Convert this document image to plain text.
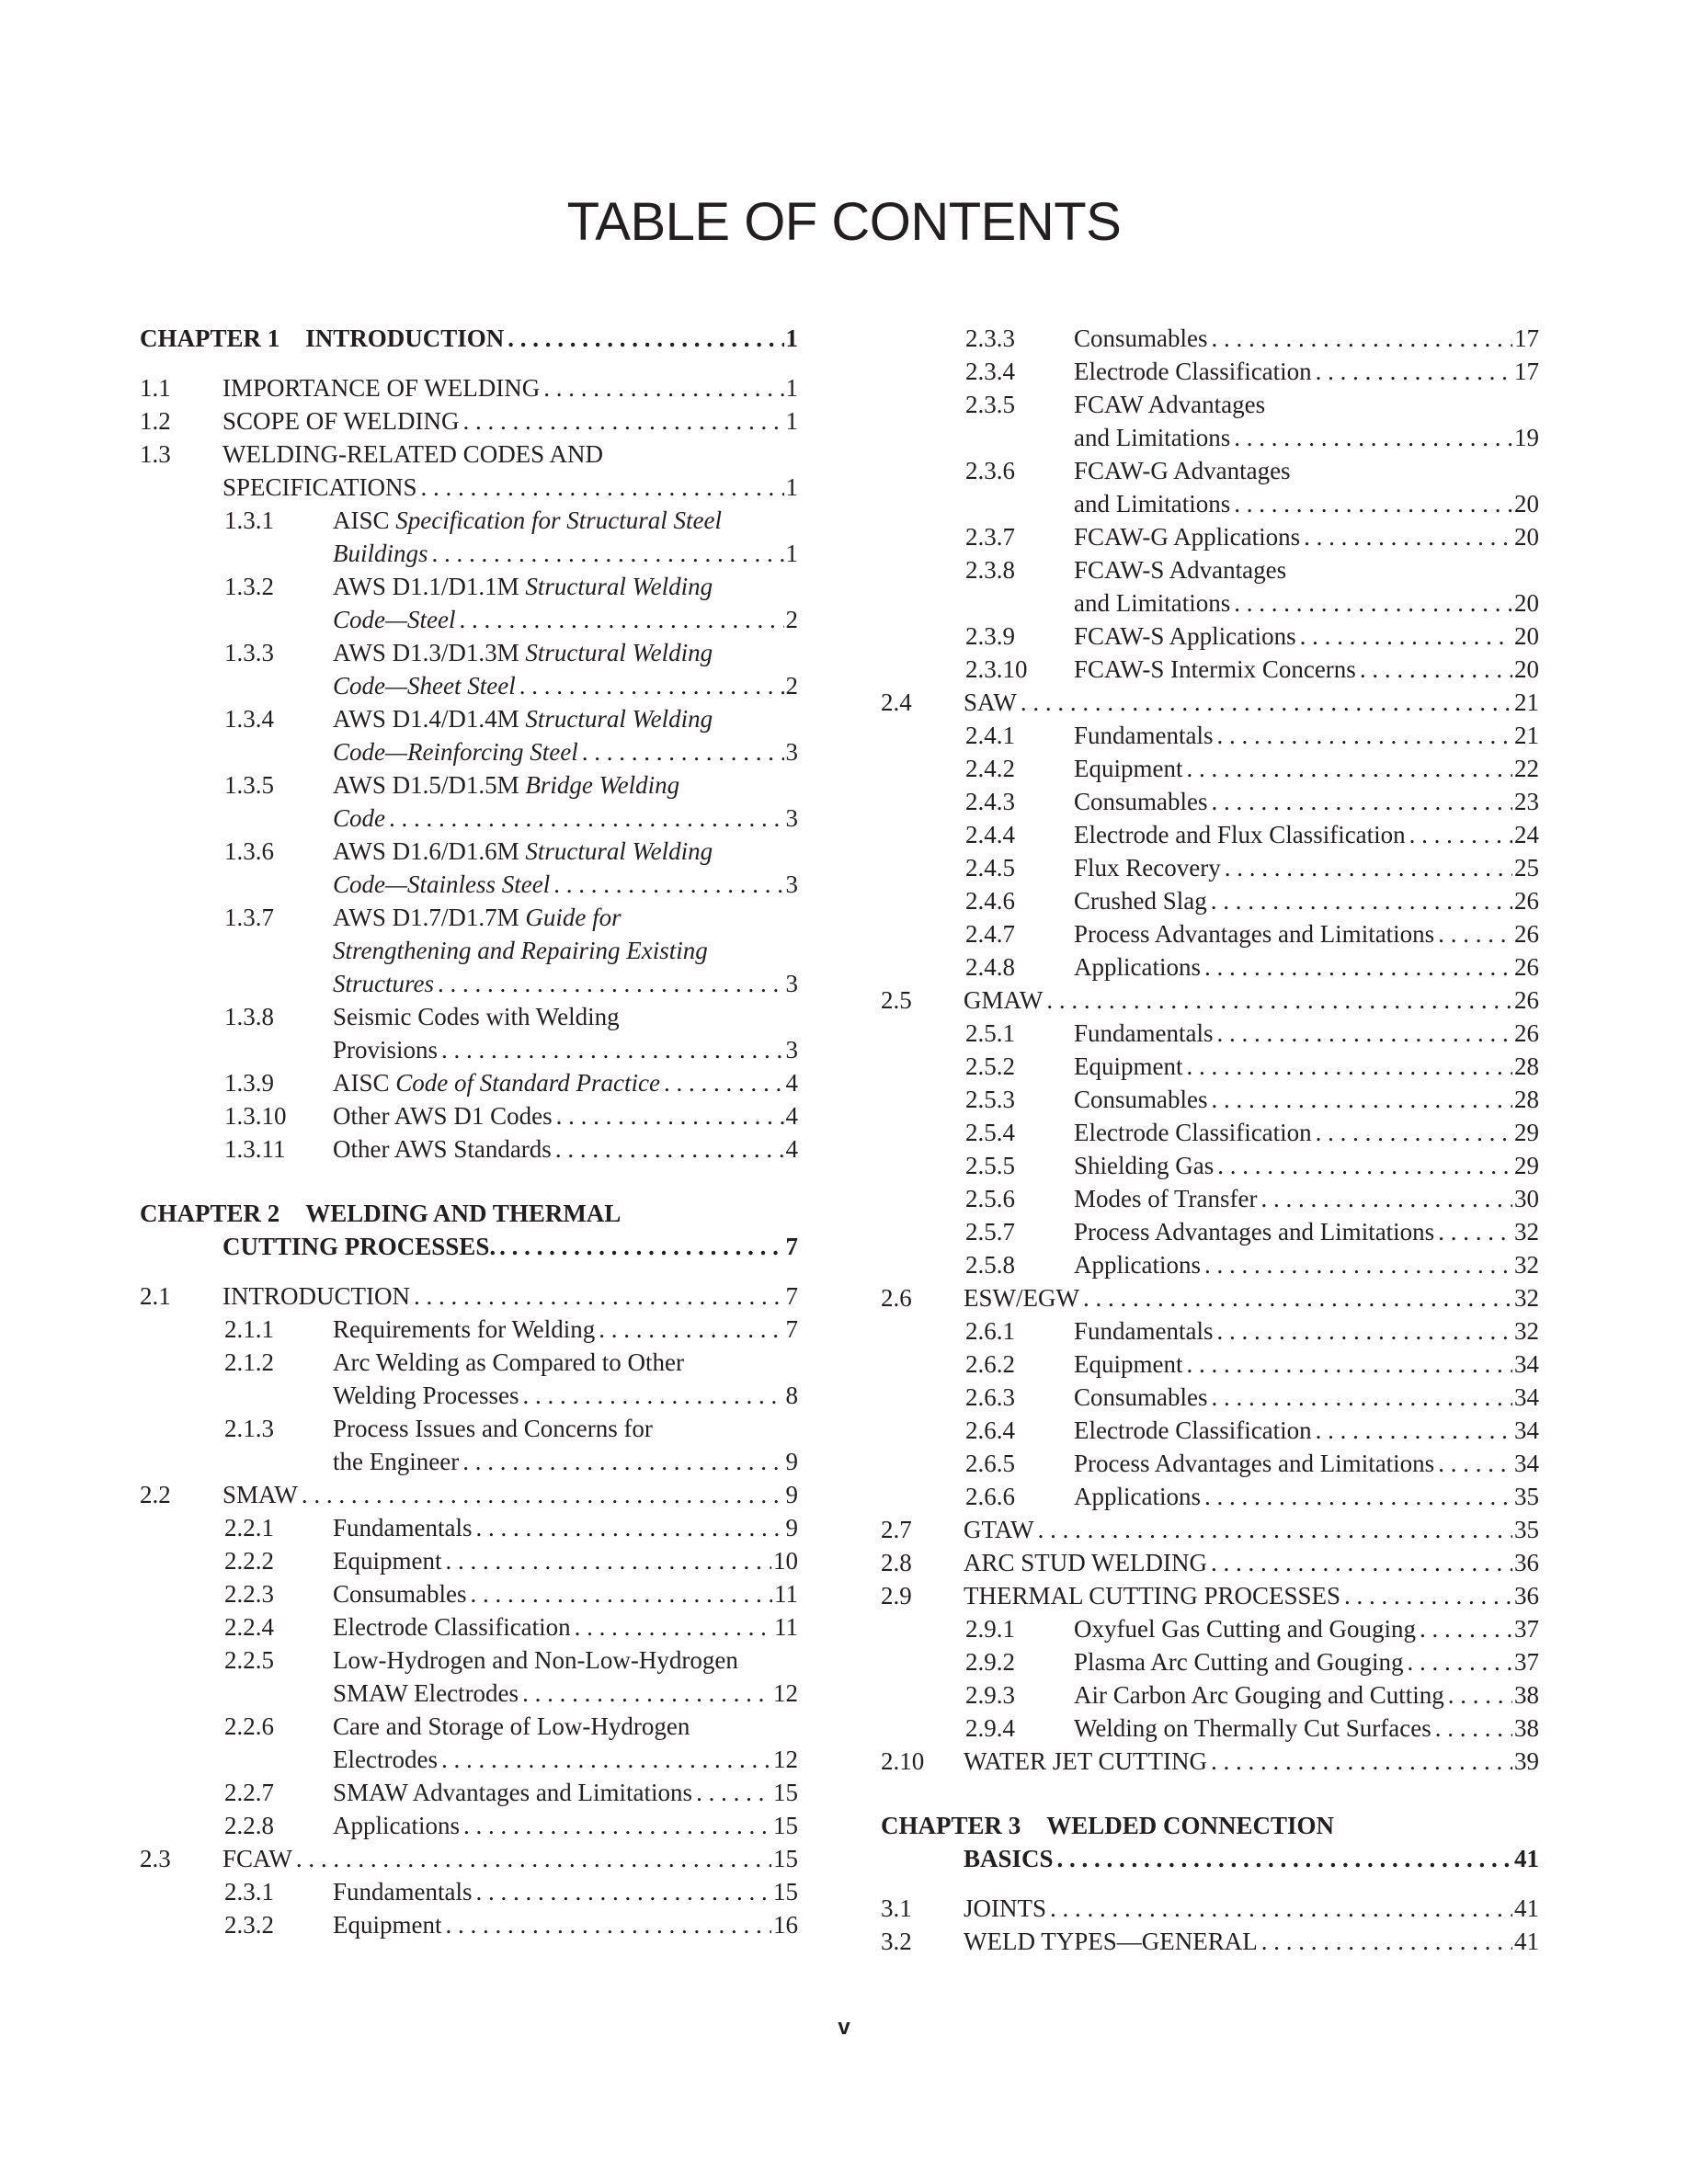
TABLE OF CONTENTS
CHAPTER 1 INTRODUCTION . . .	1
1.1 IMPORTANCE OF WELDING . . .	1
1.2 SCOPE OF WELDING . . .	1
1.3 WELDING-RELATED CODES AND
SPECIFICATIONS . . .	1
1.3.1 AISC Specification for Structural Steel
Buildings . . .	1
1.3.2 AWS D1.1/D1.1M Structural Welding
Code—Steel . . .	2
1.3.3 AWS D1.3/D1.3M Structural Welding
Code—Sheet Steel . . .	2
1.3.4 AWS D1.4/D1.4M Structural Welding
Code—Reinforcing Steel . . .	3
1.3.5 AWS D1.5/D1.5M Bridge Welding
Code . . .	3
1.3.6 AWS D1.6/D1.6M Structural Welding
Code—Stainless Steel . . .	3
1.3.7 AWS D1.7/D1.7M Guide for
Strengthening and Repairing Existing
Structures . . .	3
1.3.8 Seismic Codes with Welding
Provisions . . .	3
1.3.9 AISC Code of Standard Practice . . .	4
1.3.10 Other AWS D1 Codes . . .	4
1.3.11 Other AWS Standards . . .	4
CHAPTER 2 WELDING AND THERMAL
CUTTING PROCESSES. . . .	7
2.1 INTRODUCTION . . .	7
2.1.1 Requirements for Welding . . .	7
2.1.2 Arc Welding as Compared to Other
Welding Processes . . .	8
2.1.3 Process Issues and Concerns for
the Engineer . . .	9
2.2 SMAW . . .	9
2.2.1 Fundamentals . . .	9
2.2.2 Equipment . . .	10
2.2.3 Consumables . . .	11
2.2.4 Electrode Classification . . .	11
2.2.5 Low-Hydrogen and Non-Low-Hydrogen
SMAW Electrodes . . .	12
2.2.6 Care and Storage of Low-Hydrogen
Electrodes . . .	12
2.2.7 SMAW Advantages and Limitations . . .	15
2.2.8 Applications . . .	15
2.3 FCAW . . .	15
2.3.1 Fundamentals . . .	15
2.3.2 Equipment . . .	16
2.3.3 Consumables . . .	17
2.3.4 Electrode Classification . . .	17
2.3.5 FCAW Advantages
and Limitations . . .	19
2.3.6 FCAW-G Advantages
and Limitations . . .	20
2.3.7 FCAW-G Applications . . .	20
2.3.8 FCAW-S Advantages
and Limitations . . .	20
2.3.9 FCAW-S Applications . . .	20
2.3.10 FCAW-S Intermix Concerns . . .	20
2.4 SAW . . .	21
2.4.1 Fundamentals . . .	21
2.4.2 Equipment . . .	22
2.4.3 Consumables . . .	23
2.4.4 Electrode and Flux Classification . . .	24
2.4.5 Flux Recovery . . .	25
2.4.6 Crushed Slag . . .	26
2.4.7 Process Advantages and Limitations . . .	26
2.4.8 Applications . . .	26
2.5 GMAW . . .	26
2.5.1 Fundamentals . . .	26
2.5.2 Equipment . . .	28
2.5.3 Consumables . . .	28
2.5.4 Electrode Classification . . .	29
2.5.5 Shielding Gas . . .	29
2.5.6 Modes of Transfer . . .	30
2.5.7 Process Advantages and Limitations . . .	32
2.5.8 Applications . . .	32
2.6 ESW/EGW . . .	32
2.6.1 Fundamentals . . .	32
2.6.2 Equipment . . .	34
2.6.3 Consumables . . .	34
2.6.4 Electrode Classification . . .	34
2.6.5 Process Advantages and Limitations . . .	34
2.6.6 Applications . . .	35
2.7 GTAW . . .	35
2.8 ARC STUD WELDING . . .	36
2.9 THERMAL CUTTING PROCESSES . . .	36
2.9.1 Oxyfuel Gas Cutting and Gouging . . .	37
2.9.2 Plasma Arc Cutting and Gouging . . .	37
2.9.3 Air Carbon Arc Gouging and Cutting . . .	38
2.9.4 Welding on Thermally Cut Surfaces . . .	38
2.10 WATER JET CUTTING . . .	39
CHAPTER 3 WELDED CONNECTION
BASICS . . .	41
3.1 JOINTS . . .	41
3.2 WELD TYPES—GENERAL . . .	41
v
